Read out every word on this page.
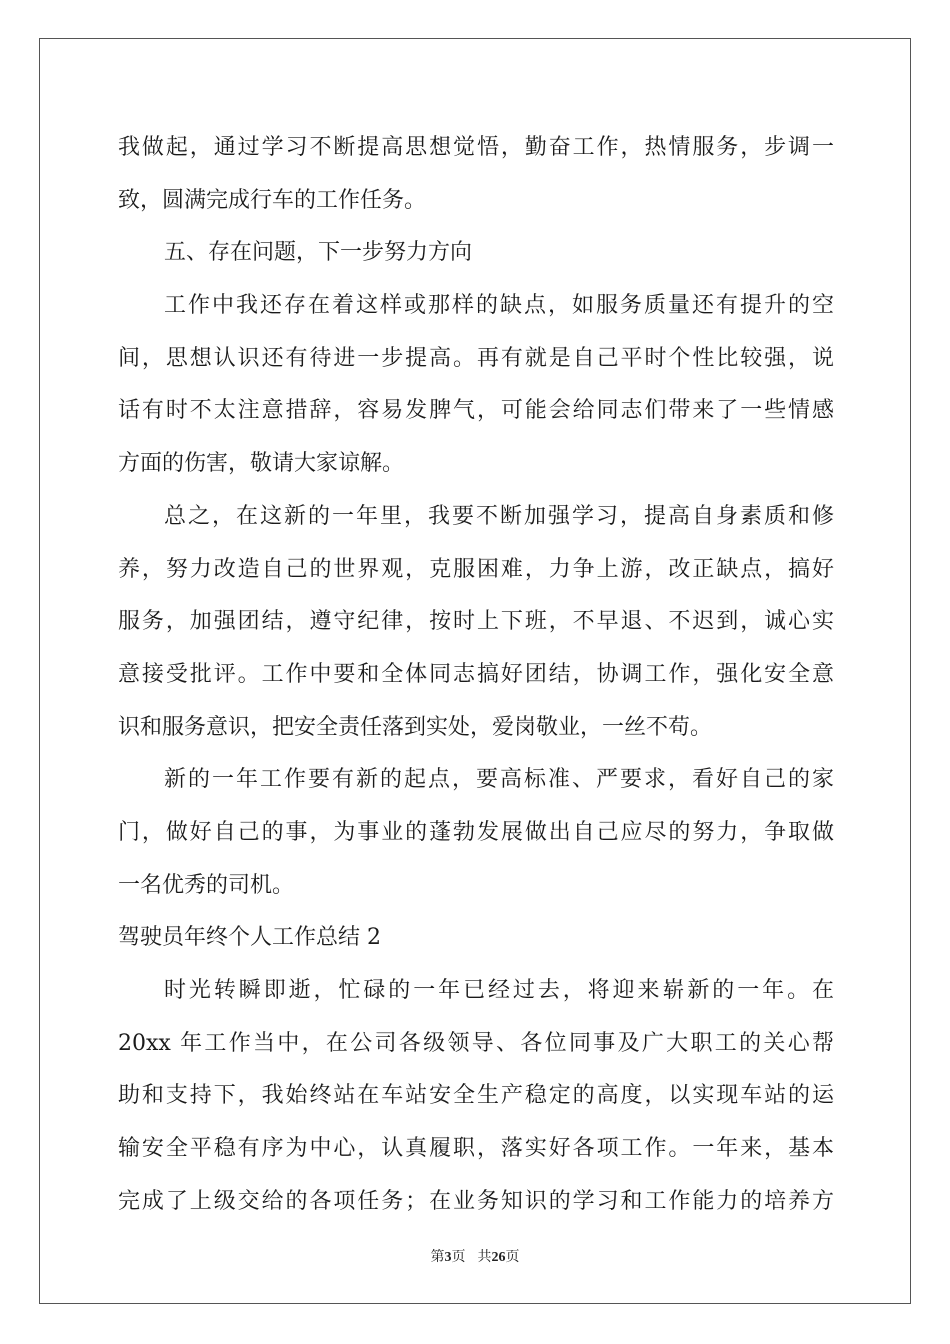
我做起，通过学习不断提高思想觉悟，勤奋工作，热情服务，步调一
致，圆满完成行车的工作任务。
五、存在问题，下一步努力方向
工作中我还存在着这样或那样的缺点，如服务质量还有提升的空
间，思想认识还有待进一步提高。再有就是自己平时个性比较强，说
话有时不太注意措辞，容易发脾气，可能会给同志们带来了一些情感
方面的伤害，敬请大家谅解。
总之，在这新的一年里，我要不断加强学习，提高自身素质和修
养，努力改造自己的世界观，克服困难，力争上游，改正缺点，搞好
服务，加强团结，遵守纪律，按时上下班，不早退、不迟到，诚心实
意接受批评。工作中要和全体同志搞好团结，协调工作，强化安全意
识和服务意识，把安全责任落到实处，爱岗敬业，一丝不苟。
新的一年工作要有新的起点，要高标准、严要求，看好自己的家
门，做好自己的事，为事业的蓬勃发展做出自己应尽的努力，争取做
一名优秀的司机。
驾驶员年终个人工作总结 2
时光转瞬即逝，忙碌的一年已经过去，将迎来崭新的一年。在
20xx 年工作当中，在公司各级领导、各位同事及广大职工的关心帮
助和支持下，我始终站在车站安全生产稳定的高度，以实现车站的运
输安全平稳有序为中心，认真履职，落实好各项工作。一年来，基本
完成了上级交给的各项任务；在业务知识的学习和工作能力的培养方
第3页 共26页
